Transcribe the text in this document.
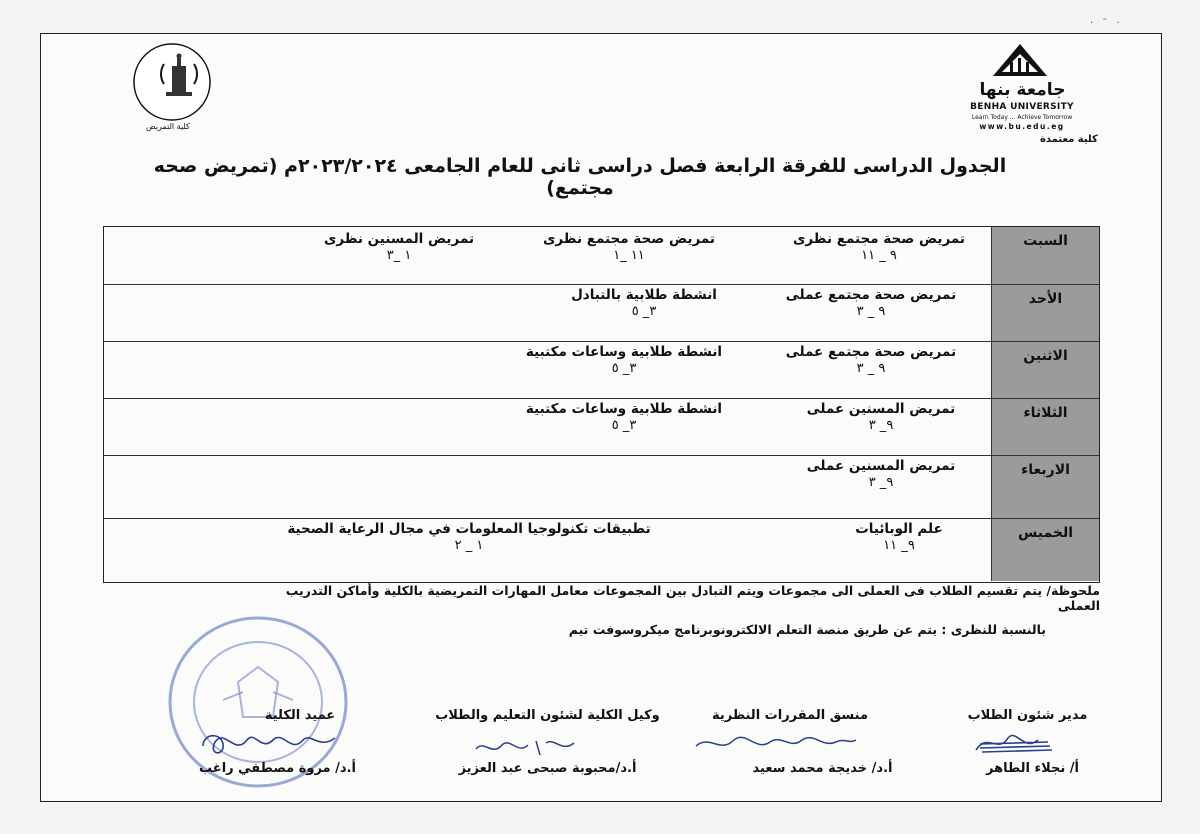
· ˜ ·
كلية التمريض
جامعة بنها
BENHA UNIVERSITY
Learn Today ... Achieve Tomorrow
www.bu.edu.eg
كلية معتمدة
الجدول الدراسى للفرقة الرابعة فصل دراسى ثانى للعام الجامعى ٢٠٢٣/٢٠٢٤م (تمريض صحه مجتمع)
السبت
تمريض صحة مجتمع نظرى
٩ _ ١١
تمريض صحة مجتمع نظرى
١١ _١
تمريض المسنين نظرى
١ _٣
الأحد
تمريض صحة مجتمع عملى
٩ _ ٣
انشطة طلابية بالتبادل
٣_ ٥
الاثنين
تمريض صحة مجتمع عملى
٩ _ ٣
انشطة طلابية وساعات مكتبية
٣_ ٥
الثلاثاء
تمريض المسنين عملى
٩_ ٣
انشطة طلابية وساعات مكتبية
٣_ ٥
الاربعاء
تمريض المسنين عملى
٩_ ٣
الخميس
علم الوبائيات
٩_ ١١
تطبيقات تكنولوجيا المعلومات في مجال الرعاية الصحية
١ _ ٢
ملحوظة/ يتم تقسيم الطلاب فى العملى الى مجموعات ويتم التبادل بين المجموعات معامل المهارات التمريضية بالكلية وأماكن التدريب العملى
بالنسبة للنظرى : يتم عن طريق منصة التعلم الالكترونوبرنامج ميكروسوفت تيم
مدير شئون الطلاب
أ/ نجلاء الطاهر
منسق المقررات النظرية
أ.د/ خديجة محمد سعيد
وكيل الكلية لشئون التعليم والطلاب
أ.د/محبوبة صبحى عبد العزيز
عميد الكلية
أ.د/ مروة مصطفي راغب
